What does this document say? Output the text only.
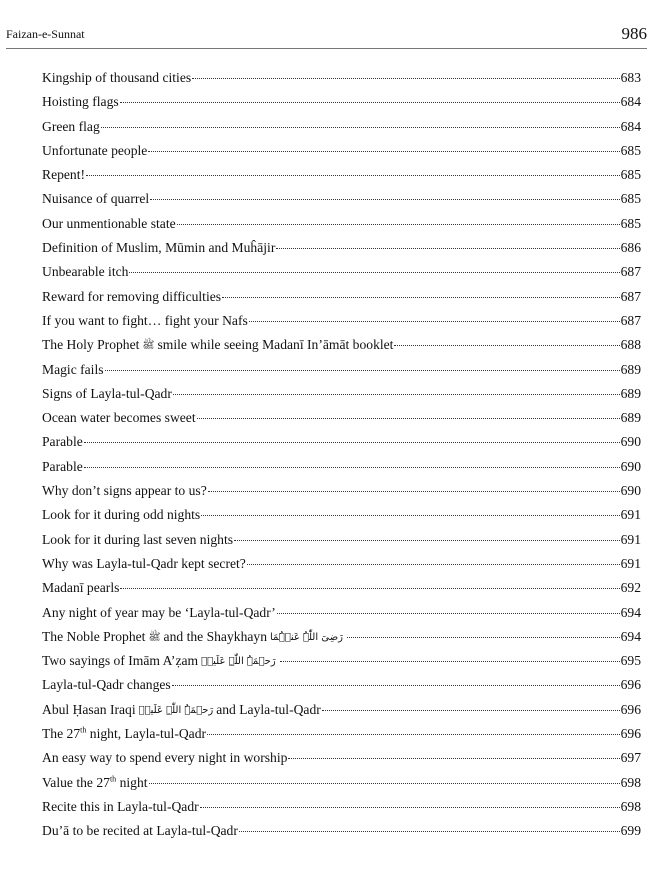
Faizan-e-Sunnat	986
Kingship of thousand cities	683
Hoisting flags	684
Green flag	684
Unfortunate people	685
Repent!	685
Nuisance of quarrel	685
Our unmentionable state	685
Definition of Muslim, Mūmin and Muĥājir	686
Unbearable itch	687
Reward for removing difficulties	687
If you want to fight… fight your Nafs	687
The Holy Prophet ﷺ smile while seeing Madanī In’āmāt booklet	688
Magic fails	689
Signs of Layla-tul-Qadr	689
Ocean water becomes sweet	689
Parable	690
Parable	690
Why don’t signs appear to us?	690
Look for it during odd nights	691
Look for it during last seven nights	691
Why was Layla-tul-Qadr kept secret?	691
Madanī pearls	692
Any night of year may be ‘Layla-tul-Qadr’	694
The Noble Prophet ﷺ and the Shaykhayn رَضِیَ اللّٰہُ عَنۡہُمَا	694
Two sayings of Imām A’ẓam رَحۡمَۃُ اللّٰہِ عَلَیۡہ	695
Layla-tul-Qadr changes	696
Abul Ḥasan Iraqi رَحۡمَۃُ اللّٰہِ عَلَیۡہ and Layla-tul-Qadr	696
The 27th night, Layla-tul-Qadr	696
An easy way to spend every night in worship	697
Value the 27th night	698
Recite this in Layla-tul-Qadr	698
Du’ā to be recited at Layla-tul-Qadr	699
